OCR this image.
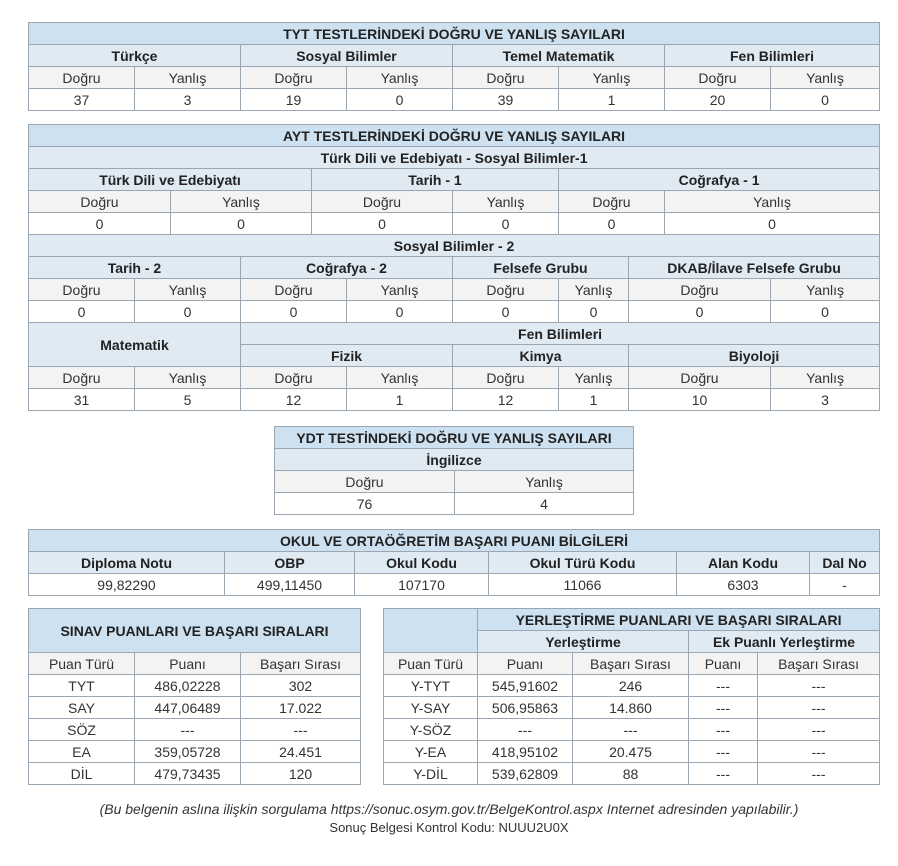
TYT TESTLERİNDEKİ DOĞRU VE YANLIŞ SAYILARI							
Türkçe		Sosyal Bilimler		Temel Matematik		Fen Bilimleri	
Doğru	Yanlış	Doğru	Yanlış	Doğru	Yanlış	Doğru	Yanlış
37	3	19	0	39	1	20	0
AYT TESTLERİNDEKİ DOĞRU VE YANLIŞ SAYILARI										
Türk Dili ve Edebiyatı - Sosyal Bilimler-1										
Türk Dili ve Edebiyatı				Tarih - 1			Coğrafya - 1			
Doğru		Yanlış		Doğru		Yanlış	Doğru		Yanlış	
0		0		0		0	0		0	
Sosyal Bilimler - 2										
Tarih - 2			Coğrafya - 2			Felsefe Grubu		DKAB/İlave Felsefe Grubu		
Doğru	Yanlış		Doğru		Yanlış	Doğru	Yanlış	Doğru		Yanlış
0	0		0		0	0	0	0		0
Matematik			Fen Bilimleri							
			Fizik			Kimya		Biyoloji		
Doğru	Yanlış		Doğru		Yanlış	Doğru	Yanlış	Doğru		Yanlış
31	5		12		1	12	1	10		3
YDT TESTİNDEKİ DOĞRU VE YANLIŞ SAYILARI	
İngilizce	
Doğru	Yanlış
76	4
OKUL VE ORTAÖĞRETİM BAŞARI PUANI BİLGİLERİ					
Diploma Notu	OBP	Okul Kodu	Okul Türü Kodu	Alan Kodu	Dal No
99,82290	499,11450	107170	11066	6303	-
SINAV PUANLARI VE BAŞARI SIRALARI		
Puan Türü	Puanı	Başarı Sırası
TYT	486,02228	302
SAY	447,06489	17.022
SÖZ	---	---
EA	359,05728	24.451
DİL	479,73435	120
	YERLEŞTİRME PUANLARI VE BAŞARI SIRALARI			
	Yerleştirme		Ek Puanlı Yerleştirme	
Puan Türü	Puanı	Başarı Sırası	Puanı	Başarı Sırası
Y-TYT	545,91602	246	---	---
Y-SAY	506,95863	14.860	---	---
Y-SÖZ	---	---	---	---
Y-EA	418,95102	20.475	---	---
Y-DİL	539,62809	88	---	---
(Bu belgenin aslına ilişkin sorgulama https://sonuc.osym.gov.tr/BelgeKontrol.aspx Internet adresinden yapılabilir.)
Sonuç Belgesi Kontrol Kodu: NUUU2U0X
